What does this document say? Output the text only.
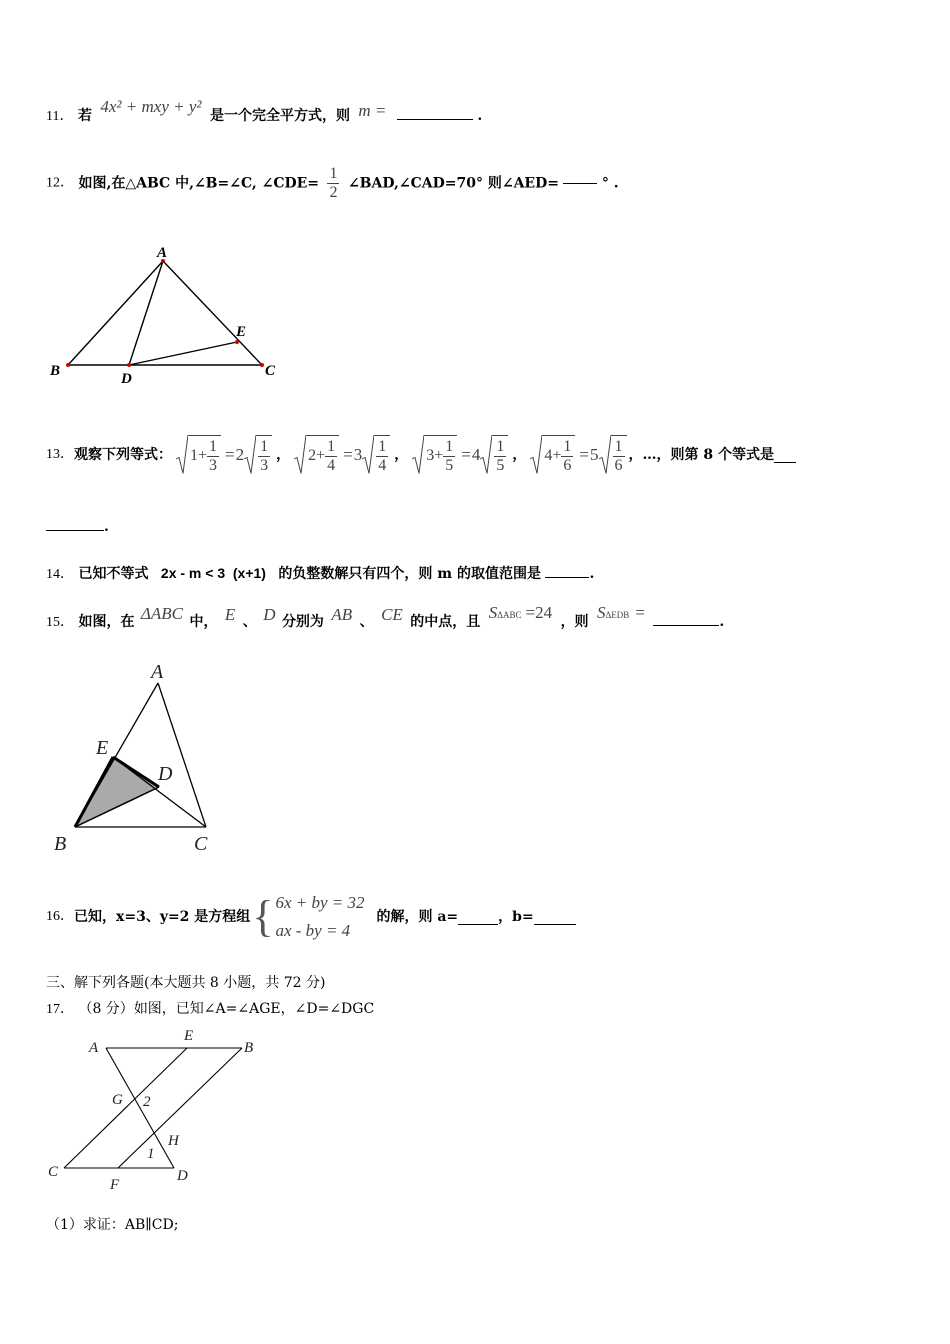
11． 若 4x² + mxy + y² 是一个完全平方式，则 m =	.
12． 如图,在△ABC 中,∠B=∠C, ∠CDE= $\frac{1}{2}$ ∠BAD,∠CAD=70° 则∠AED=	° .
A
B	D
E
C
13． 观察下列等式：	$1+ \frac{1}{3} = 2 \frac{1}{3}$ ，	$2+ \frac{1}{4} = 3 \frac{1}{4}$ ，	$3+ \frac{1}{5} = 4 \frac{1}{5}$ ，	$4+ \frac{1}{6} = 5 \frac{1}{6}$ ，…，则第 8 个等式是
.
14． 已知不等式 2x - m < 3  (x+1) 的负整数解只有四个，则 m 的取值范围是	.
15． 如图，在 ΔABC 中， E 、 D 分别为 AB 、 CE 的中点，且 SΔABC =24 ，则 SΔEDB =	.
A
E
D
B	C
16． 已知，x=3、y=2 是方程组 { 6x + by = 32
ax - by = 4
的解，则 a=	，b=
三、解下列各题(本大题共 8 小题，共 72 分)
17． （8 分）如图，已知∠A=∠AGE，∠D=∠DGC
A
E
B
G 2
H
1
C
F
D
（1）求证：AB∥CD;
